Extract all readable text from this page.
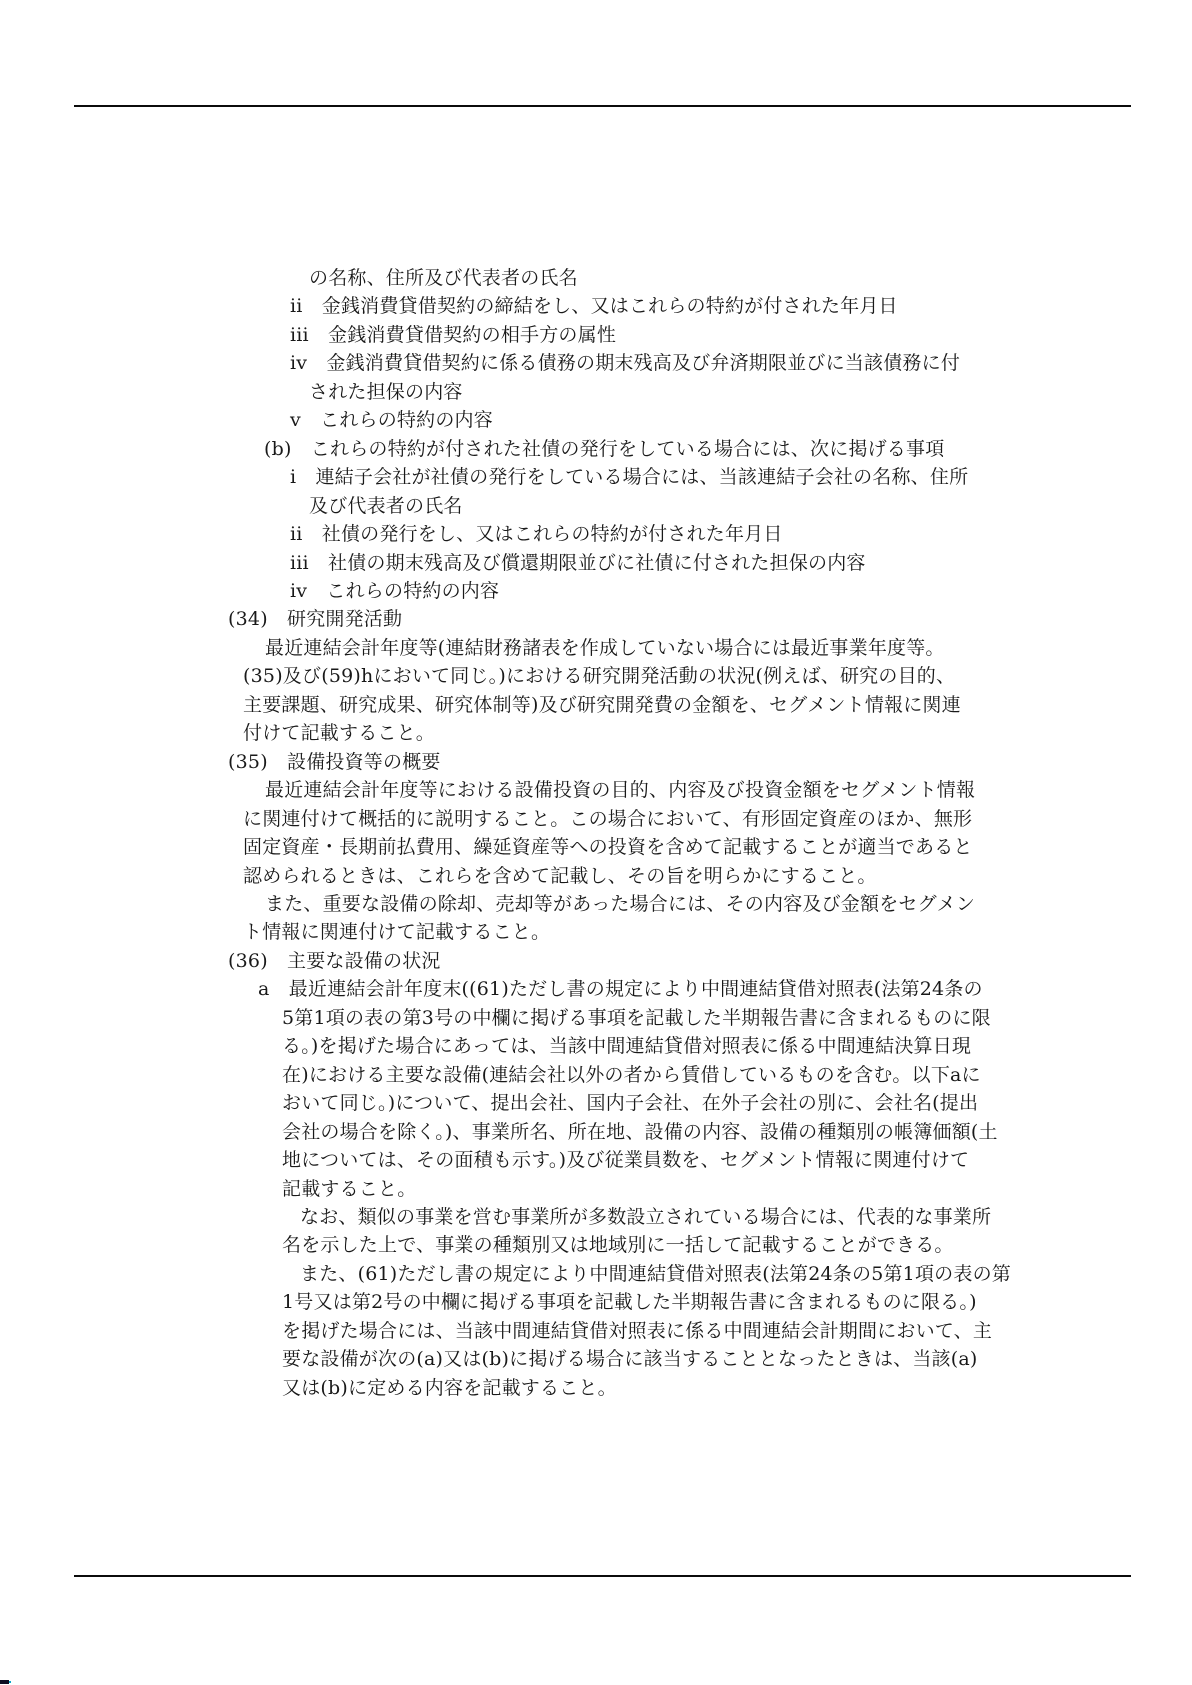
の名称、住所及び代表者の氏名
ii　金銭消費貸借契約の締結をし、又はこれらの特約が付された年月日
iii　金銭消費貸借契約の相手方の属性
iv　金銭消費貸借契約に係る債務の期末残高及び弁済期限並びに当該債務に付
された担保の内容
v　これらの特約の内容
(b)　これらの特約が付された社債の発行をしている場合には、次に掲げる事項
i　連結子会社が社債の発行をしている場合には、当該連結子会社の名称、住所
及び代表者の氏名
ii　社債の発行をし、又はこれらの特約が付された年月日
iii　社債の期末残高及び償還期限並びに社債に付された担保の内容
iv　これらの特約の内容
(34)　研究開発活動
最近連結会計年度等(連結財務諸表を作成していない場合には最近事業年度等。
(35)及び(59)hにおいて同じ。)における研究開発活動の状況(例えば、研究の目的、
主要課題、研究成果、研究体制等)及び研究開発費の金額を、セグメント情報に関連
付けて記載すること。
(35)　設備投資等の概要
最近連結会計年度等における設備投資の目的、内容及び投資金額をセグメント情報
に関連付けて概括的に説明すること。この場合において、有形固定資産のほか、無形
固定資産・長期前払費用、繰延資産等への投資を含めて記載することが適当であると
認められるときは、これらを含めて記載し、その旨を明らかにすること。
また、重要な設備の除却、売却等があった場合には、その内容及び金額をセグメン
ト情報に関連付けて記載すること。
(36)　主要な設備の状況
a　最近連結会計年度末((61)ただし書の規定により中間連結貸借対照表(法第24条の
5第1項の表の第3号の中欄に掲げる事項を記載した半期報告書に含まれるものに限
る。)を掲げた場合にあっては、当該中間連結貸借対照表に係る中間連結決算日現
在)における主要な設備(連結会社以外の者から賃借しているものを含む。以下aに
おいて同じ。)について、提出会社、国内子会社、在外子会社の別に、会社名(提出
会社の場合を除く。)、事業所名、所在地、設備の内容、設備の種類別の帳簿価額(土
地については、その面積も示す。)及び従業員数を、セグメント情報に関連付けて
記載すること。
なお、類似の事業を営む事業所が多数設立されている場合には、代表的な事業所
名を示した上で、事業の種類別又は地域別に一括して記載することができる。
また、(61)ただし書の規定により中間連結貸借対照表(法第24条の5第1項の表の第
1号又は第2号の中欄に掲げる事項を記載した半期報告書に含まれるものに限る。)
を掲げた場合には、当該中間連結貸借対照表に係る中間連結会計期間において、主
要な設備が次の(a)又は(b)に掲げる場合に該当することとなったときは、当該(a)
又は(b)に定める内容を記載すること。
